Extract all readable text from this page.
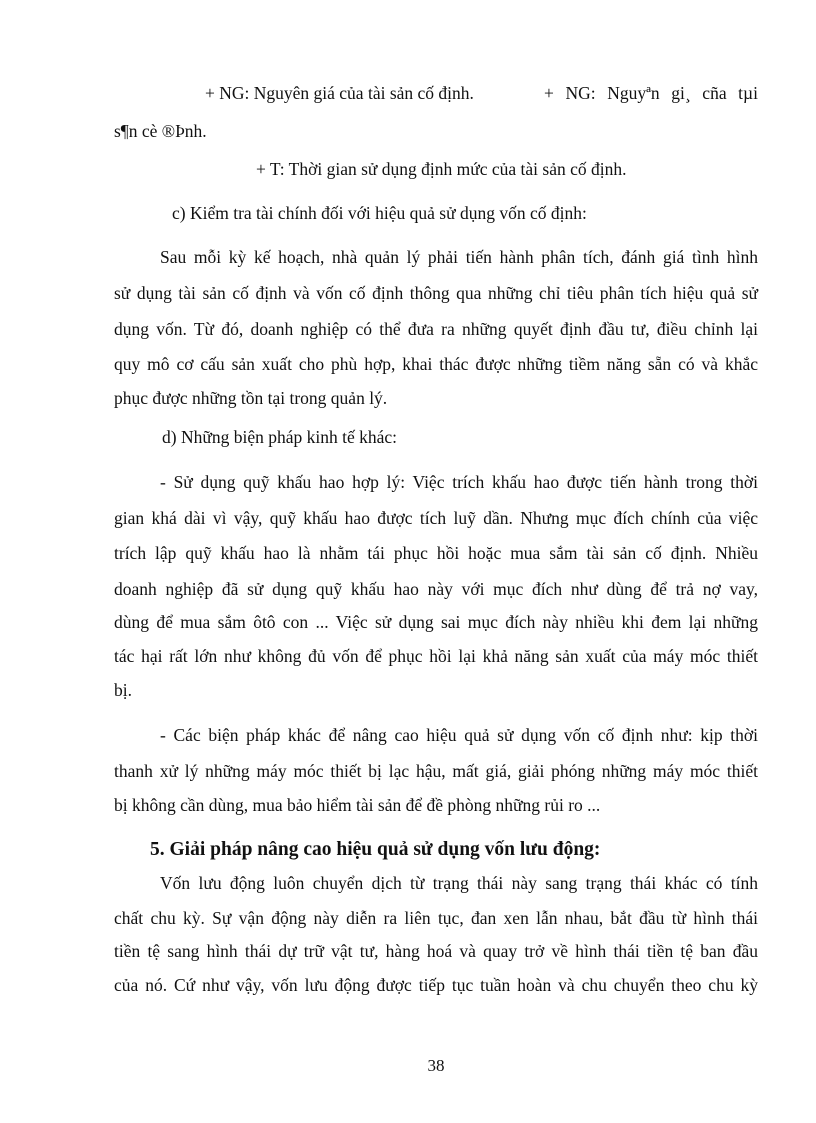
+ NG: Nguyên giá của tài sản cố định.	+ NG: Nguyªn gi¸ cña tµi
s¶n cè ®Þnh.
+ T: Thời gian sử dụng định mức của tài sản cố định.
c) Kiểm tra tài chính đối với hiệu quả sử dụng vốn cố định:
Sau mỗi kỳ kế hoạch, nhà quản lý phải tiến hành phân tích, đánh giá tình hình
sử dụng tài sản cố định và vốn cố định thông qua những chỉ tiêu phân tích hiệu quả sử
dụng vốn. Từ đó, doanh nghiệp có thể đưa ra những quyết định đầu tư, điều chỉnh lại
quy mô cơ cấu sản xuất cho phù hợp, khai thác được những tiềm năng sẵn có và khắc
phục được những tồn tại trong quản lý.
d) Những biện pháp kinh tế khác:
- Sử dụng quỹ khấu hao hợp lý: Việc trích khấu hao được tiến hành trong thời
gian khá dài vì vậy, quỹ khấu hao được tích luỹ dần. Nhưng mục đích chính của việc
trích lập quỹ khấu hao là nhằm tái phục hồi hoặc mua sắm tài sản cố định. Nhiều
doanh nghiệp đã sử dụng quỹ khấu hao này với mục đích như dùng để trả nợ vay,
dùng để mua sắm ôtô con ... Việc sử dụng sai mục đích này nhiều khi đem lại những
tác hại rất lớn như không đủ vốn để phục hồi lại khả năng sản xuất của máy móc thiết
bị.
- Các biện pháp khác để nâng cao hiệu quả sử dụng vốn cố định như: kịp thời
thanh xử lý những máy móc thiết bị lạc hậu, mất giá, giải phóng những máy móc thiết
bị không cần dùng, mua bảo hiểm tài sản để đề phòng những rủi ro ...
5. Giải pháp nâng cao hiệu quả sử dụng vốn lưu động:
Vốn lưu động luôn chuyển dịch từ trạng thái này sang trạng thái khác có tính
chất chu kỳ. Sự vận động này diễn ra liên tục, đan xen lẫn nhau, bắt đầu từ hình thái
tiền tệ sang hình thái dự trữ vật tư, hàng hoá và quay trở về hình thái tiền tệ ban đầu
của nó. Cứ như vậy, vốn lưu động được tiếp tục tuần hoàn và chu chuyển theo chu kỳ
38
